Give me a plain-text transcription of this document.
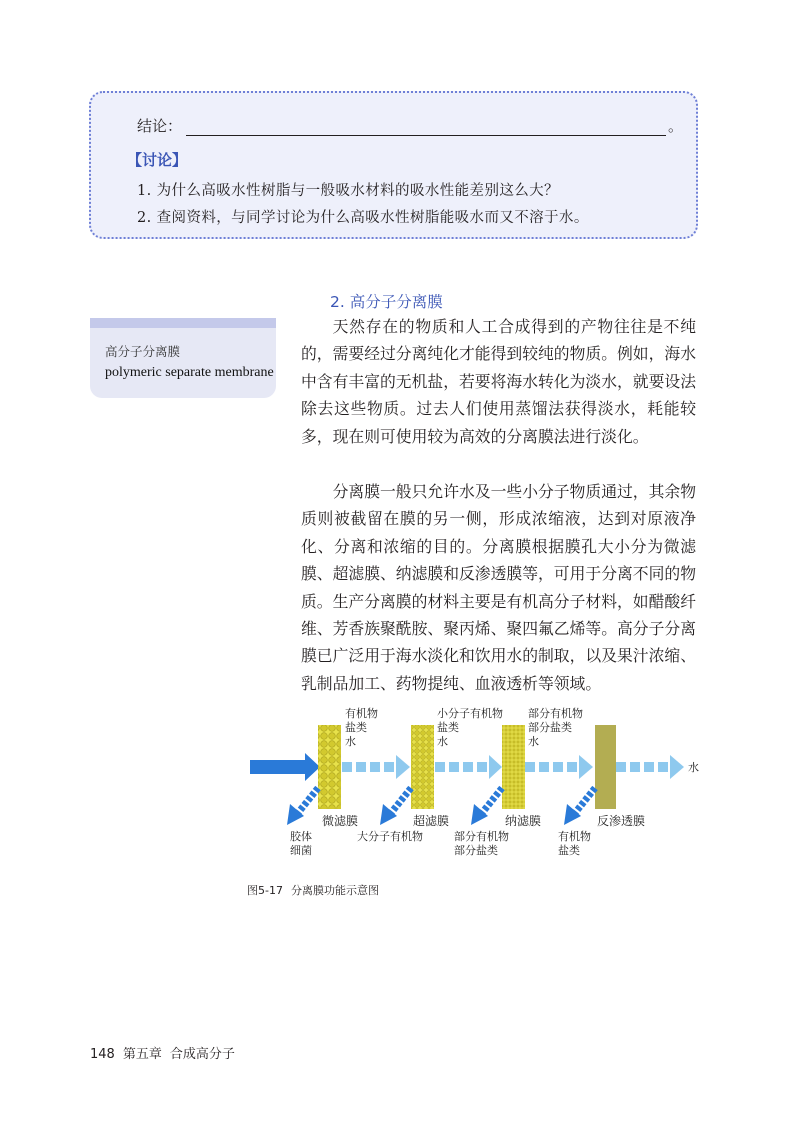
结论：	。
【讨论】
1. 为什么高吸水性树脂与一般吸水材料的吸水性能差别这么大？
2. 查阅资料，与同学讨论为什么高吸水性树脂能吸水而又不溶于水。
高分子分离膜
polymeric separate membrane
2. 高分子分离膜

天然存在的物质和人工合成得到的产物往往是不纯的，需要经过分离纯化才能得到较纯的物质。例如，海水中含有丰富的无机盐，若要将海水转化为淡水，就要设法除去这些物质。过去人们使用蒸馏法获得淡水，耗能较多，现在则可使用较为高效的分离膜法进行淡化。

分离膜一般只允许水及一些小分子物质通过，其余物质则被截留在膜的另一侧，形成浓缩液，达到对原液净化、分离和浓缩的目的。分离膜根据膜孔大小分为微滤膜、超滤膜、纳滤膜和反渗透膜等，可用于分离不同的物质。生产分离膜的材料主要是有机高分子材料，如醋酸纤维、芳香族聚酰胺、聚丙烯、聚四氟乙烯等。高分子分离膜已广泛用于海水淡化和饮用水的制取，以及果汁浓缩、乳制品加工、药物提纯、血液透析等领域。

有机物
盐类
水
小分子有机物
盐类
水
部分有机物
部分盐类
水
水
微滤膜	超滤膜	纳滤膜	反渗透膜
胶体
细菌
大分子有机物	部分有机物
部分盐类
有机物
盐类
图5-17 分离膜功能示意图
148 第五章 合成高分子
